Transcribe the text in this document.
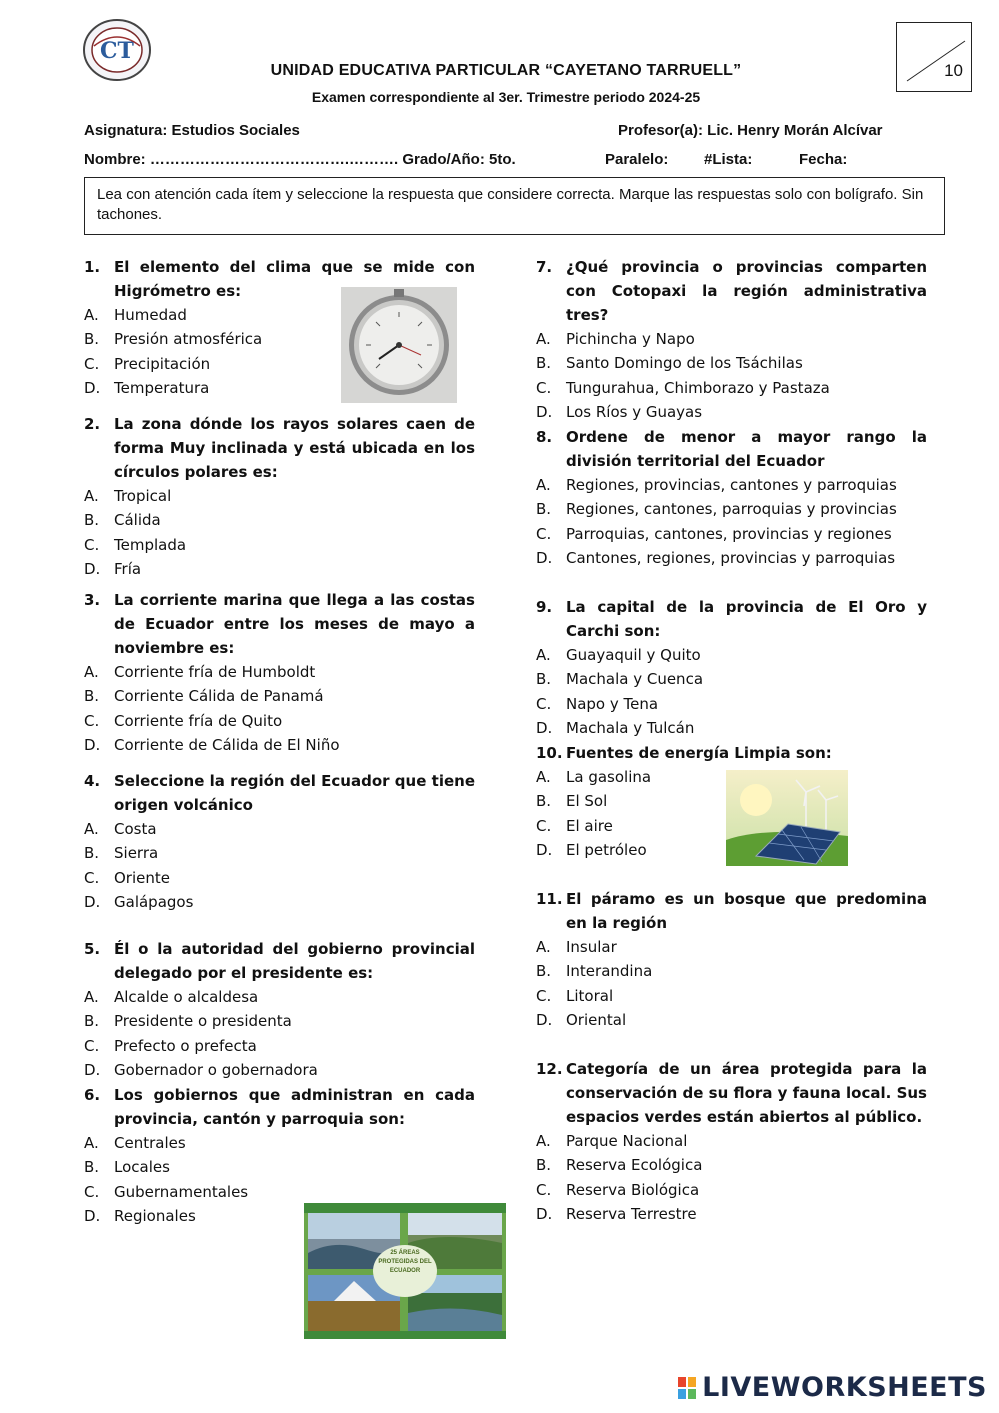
CT
UNIDAD EDUCATIVA PARTICULAR “CAYETANO TARRUELL”
Examen correspondiente al 3er. Trimestre periodo 2024-25
10
Asignatura: Estudios Sociales	Profesor(a): Lic. Henry Morán Alcívar
Nombre: ………………………………….………. Grado/Año: 5to.	Paralelo: #Lista:	Fecha:
Lea con atención cada ítem y seleccione la respuesta que considere correcta. Marque las respuestas solo con bolígrafo. Sin tachones.
1. El elemento del clima que se mide con Higrómetro es:
A.	Humedad
B. Presión atmosférica
C. Precipitación
D. Temperatura
2. La zona dónde los rayos solares caen de forma Muy inclinada y está ubicada en los círculos polares es:
A.	Tropical
B. Cálida
C. Templada
D. Fría
3. La corriente marina que llega a las costas de Ecuador entre los meses de mayo a noviembre es:
A.	Corriente fría de Humboldt
B. Corriente Cálida de Panamá
C. Corriente fría de Quito
D. Corriente de Cálida de El Niño
4. Seleccione la región del Ecuador que tiene origen volcánico
A.	Costa
B. Sierra
C. Oriente
D. Galápagos
5. Él o la autoridad del gobierno provincial delegado por el presidente es:
A.	Alcalde o alcaldesa
B. Presidente o presidenta
C. Prefecto o prefecta
D. Gobernador o gobernadora
6. Los gobiernos que administran en cada provincia, cantón y parroquia son:
A.	Centrales
B. Locales
C. Gubernamentales
D. Regionales
7. ¿Qué provincia o provincias comparten con Cotopaxi la región administrativa tres?
A.	Pichincha y Napo
B. Santo Domingo de los Tsáchilas
C. Tungurahua, Chimborazo y Pastaza
D. Los Ríos y Guayas
8. Ordene de menor a mayor rango la división territorial del Ecuador
A.	Regiones, provincias, cantones y parroquias
B. Regiones, cantones, parroquias y provincias
C. Parroquias, cantones, provincias y regiones
D. Cantones, regiones, provincias y parroquias
9. La capital de la provincia de El Oro y Carchi son:
A.	Guayaquil y Quito
B. Machala y Cuenca
C. Napo y Tena
D. Machala y Tulcán
10. Fuentes de energía Limpia son:
A.	La gasolina
B. El Sol
C. El aire
D. El petróleo
11. El páramo es un bosque que predomina en la región
A.	Insular
B. Interandina
C. Litoral
D. Oriental
12. Categoría de un área protegida para la conservación de su flora y fauna local. Sus espacios verdes están abiertos al público.
A.	Parque Nacional
B. Reserva Ecológica
C. Reserva Biológica
D. Reserva Terrestre
25 ÁREAS PROTEGIDAS DEL ECUADOR
LIVEWORKSHEETS
